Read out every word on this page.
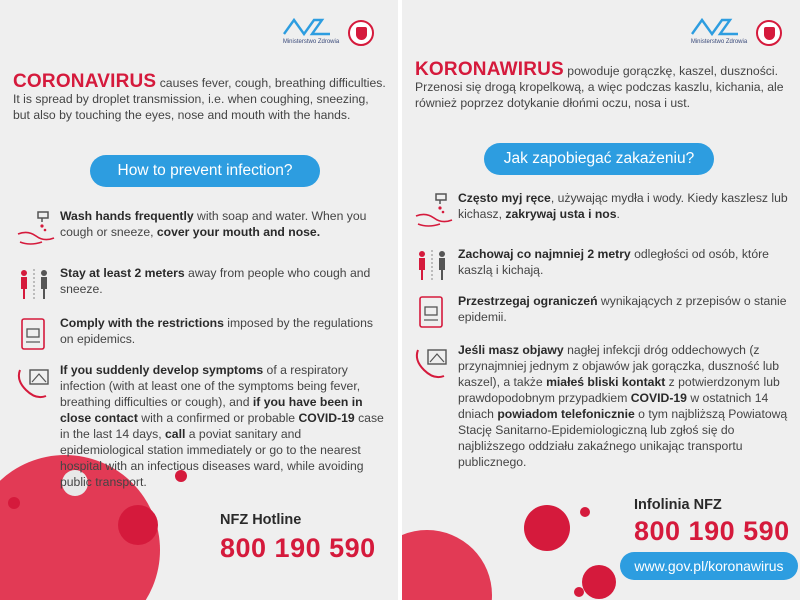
Ministerstwo Zdrowia
CORONAVIRUS causes fever, cough, breathing difficulties.
It is spread by droplet transmission, i.e. when coughing, sneezing, but also by touching the eyes, nose and mouth with the hands.
How to prevent infection?
Wash hands frequently with soap and water. When you cough or sneeze, cover your mouth and nose.
Stay at least 2 meters away from people who cough and sneeze.
Comply with the restrictions imposed by the regulations on epidemics.
If you suddenly develop symptoms of a respiratory infection (with at least one of the symptoms being fever, breathing difficulties or cough), and if you have been in close contact with a confirmed or probable COVID-19 case in the last 14 days, call a poviat sanitary and epidemiological station immediately or go to the nearest hospital with an infectious diseases ward, while avoiding public transport.
NFZ Hotline
800 190 590
Ministerstwo Zdrowia
KORONAWIRUS powoduje gorączkę, kaszel, duszności.
Przenosi się drogą kropelkową, a więc podczas kaszlu, kichania, ale również poprzez dotykanie dłońmi oczu, nosa i ust.
Jak zapobiegać zakażeniu?
Często myj ręce, używając mydła i wody. Kiedy kaszlesz lub kichasz, zakrywaj usta i nos.
Zachowaj co najmniej 2 metry odległości od osób, które kaszlą i kichają.
Przestrzegaj ograniczeń wynikających z przepisów o stanie epidemii.
Jeśli masz objawy nagłej infekcji dróg oddechowych (z przynajmniej jednym z objawów jak gorączka, duszność lub kaszel), a także miałeś bliski kontakt z potwierdzonym lub prawdopodobnym przypadkiem COVID-19 w ostatnich 14 dniach powiadom telefonicznie o tym najbliższą Powiatową Stację Sanitarno-Epidemiologiczną lub zgłoś się do najbliższego oddziału zakaźnego unikając transportu publicznego.
Infolinia NFZ
800 190 590
www.gov.pl/koronawirus
